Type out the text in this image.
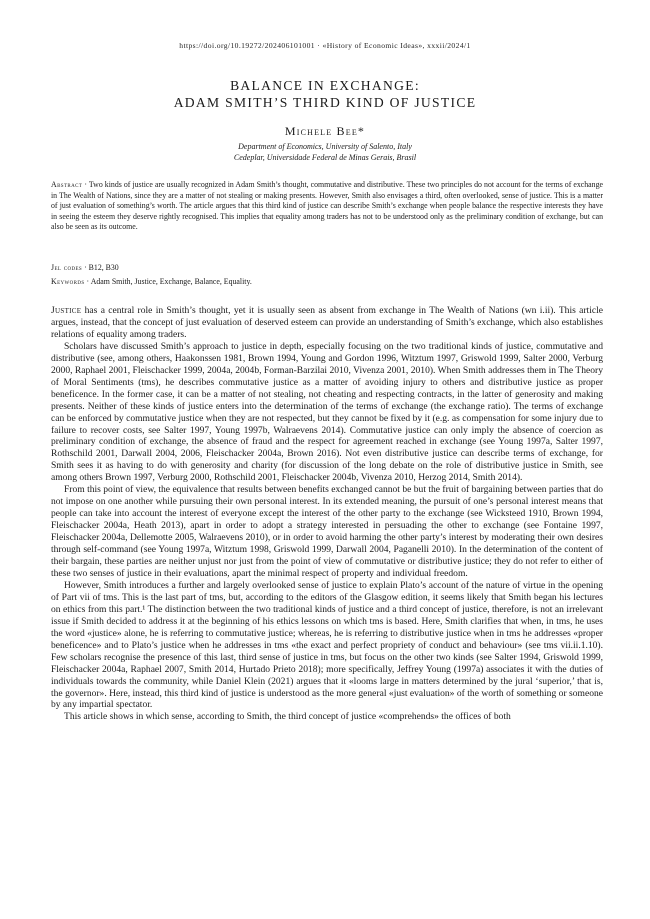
https://doi.org/10.19272/202406101001 · «History of Economic Ideas», xxxii/2024/1
BALANCE IN EXCHANGE:
ADAM SMITH’S THIRD KIND OF JUSTICE
Michele Bee*
Department of Economics, University of Salento, Italy
Cedeplar, Universidade Federal de Minas Gerais, Brasil
Abstract · Two kinds of justice are usually recognized in Adam Smith’s thought, commutative and distributive. These two principles do not account for the terms of exchange in The Wealth of Nations, since they are a matter of not stealing or making presents. However, Smith also envisages a third, often overlooked, sense of justice. This is a matter of just evaluation of something’s worth. The article argues that this third kind of justice can describe Smith’s exchange when people balance the respective interests they have in seeing the esteem they deserve rightly recognised. This implies that equality among traders has not to be understood only as the preliminary condition of exchange, but can also be seen as its outcome.
Jel codes · B12, B30
Keywords · Adam Smith, Justice, Exchange, Balance, Equality.

Justice has a central role in Smith’s thought, yet it is usually seen as absent from exchange in The Wealth of Nations (wn i.ii). This article argues, instead, that the concept of just evaluation of deserved esteem can provide an understanding of Smith’s exchange, which also establishes relations of equality among traders.

Scholars have discussed Smith’s approach to justice in depth, especially focusing on the two traditional kinds of justice, commutative and distributive (see, among others, Haakonssen 1981, Brown 1994, Young and Gordon 1996, Witztum 1997, Griswold 1999, Salter 2000, Verburg 2000, Raphael 2001, Fleischacker 1999, 2004a, 2004b, Forman-Barzilai 2010, Vivenza 2001, 2010). When Smith addresses them in The Theory of Moral Sentiments (tms), he describes commutative justice as a matter of avoiding injury to others and distributive justice as proper beneficence. In the former case, it can be a matter of not stealing, not cheating and respecting contracts, in the latter of generosity and making presents. Neither of these kinds of justice enters into the determination of the terms of exchange (the exchange ratio). The terms of exchange can be enforced by commutative justice when they are not respected, but they cannot be fixed by it (e.g. as compensation for some injury due to failure to recover costs, see Salter 1997, Young 1997b, Walraevens 2014). Commutative justice can only imply the absence of coercion as preliminary condition of exchange, the absence of fraud and the respect for agreement reached in exchange (see Young 1997a, Salter 1997, Rothschild 2001, Darwall 2004, 2006, Fleischacker 2004a, Brown 2016). Not even distributive justice can describe terms of exchange, for Smith sees it as having to do with generosity and charity (for discussion of the long debate on the role of distributive justice in Smith, see among others Brown 1997, Verburg 2000, Rothschild 2001, Fleischacker 2004b, Vivenza 2010, Herzog 2014, Smith 2014).

From this point of view, the equivalence that results between benefits exchanged cannot be but the fruit of bargaining between parties that do not impose on one another while pursuing their own personal interest. In its extended meaning, the pursuit of one’s personal interest means that people can take into account the interest of everyone except the interest of the other party to the exchange (see Wicksteed 1910, Brown 1994, Fleischacker 2004a, Heath 2013), apart in order to adopt a strategy interested in persuading the other to exchange (see Fontaine 1997, Fleischacker 2004a, Dellemotte 2005, Walraevens 2010), or in order to avoid harming the other party’s interest by moderating their own desires through self-command (see Young 1997a, Witztum 1998, Griswold 1999, Darwall 2004, Paganelli 2010). In the determination of the content of their bargain, these parties are neither unjust nor just from the point of view of commutative or distributive justice; they do not refer to either of these two senses of justice in their evaluations, apart the minimal respect of property and individual freedom.

However, Smith introduces a further and largely overlooked sense of justice to explain Plato’s account of the nature of virtue in the opening of Part vii of tms. This is the last part of tms, but, according to the editors of the Glasgow edition, it seems likely that Smith began his lectures on ethics from this part.¹ The distinction between the two traditional kinds of justice and a third concept of justice, therefore, is not an irrelevant issue if Smith decided to address it at the beginning of his ethics lessons on which tms is based. Here, Smith clarifies that when, in tms, he uses the word «justice» alone, he is referring to commutative justice; whereas, he is referring to distributive justice when in tms he addresses «proper beneficence» and to Plato’s justice when he addresses in tms «the exact and perfect propriety of conduct and behaviour» (see tms vii.ii.1.10). Few scholars recognise the presence of this last, third sense of justice in tms, but focus on the other two kinds (see Salter 1994, Griswold 1999, Fleischacker 2004a, Raphael 2007, Smith 2014, Hurtado Prieto 2018); more specifically, Jeffrey Young (1997a) associates it with the duties of individuals towards the community, while Daniel Klein (2021) argues that it «looms large in matters determined by the jural ‘superior,’ that is, the governor». Here, instead, this third kind of justice is understood as the more general «just evaluation» of the worth of something or someone by any impartial spectator.

This article shows in which sense, according to Smith, the third concept of justice «comprehends» the offices of both
